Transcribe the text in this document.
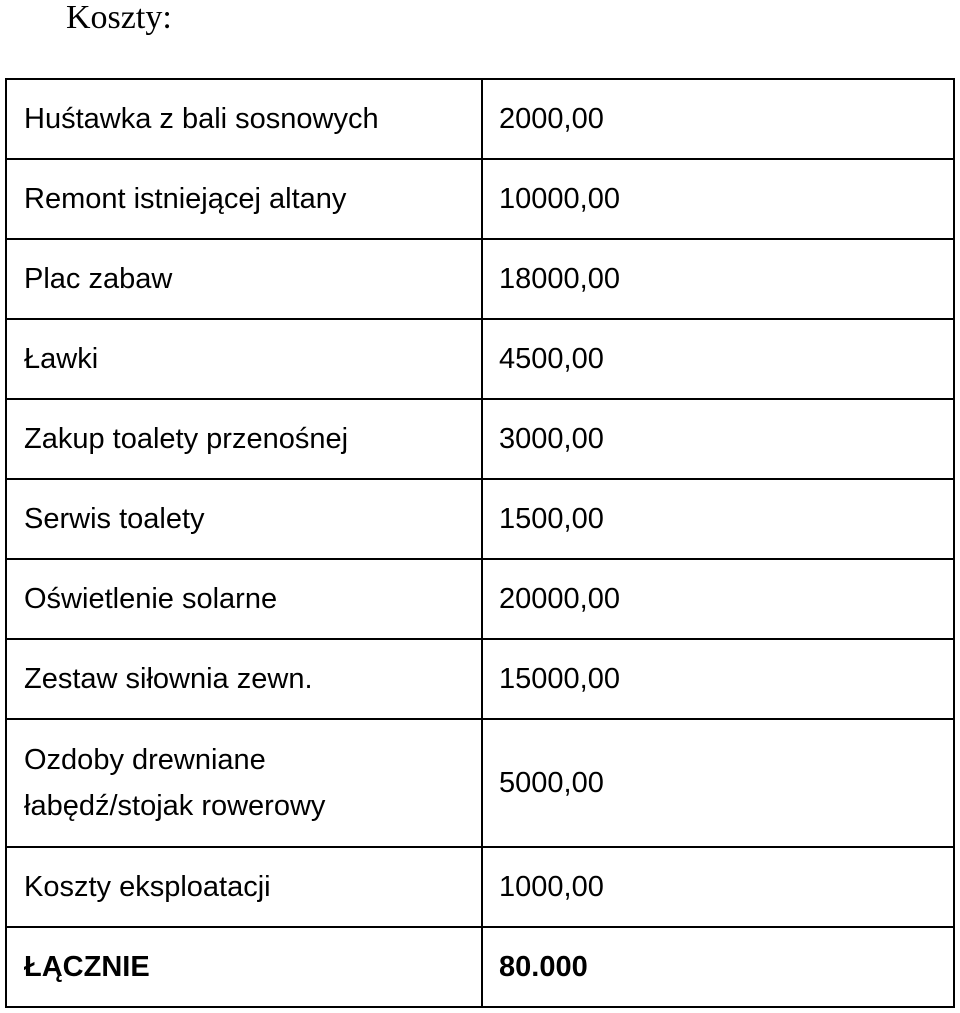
Koszty:
Huśtawka z bali sosnowych	2000,00
Remont istniejącej altany	10000,00
Plac zabaw	18000,00
Ławki	4500,00
Zakup toalety przenośnej	3000,00
Serwis toalety	1500,00
Oświetlenie solarne	20000,00
Zestaw siłownia zewn.	15000,00

Ozdoby drewniane
łabędź/stojak rowerowy	5000,00
Koszty eksploatacji	1000,00
ŁĄCZNIE	80.000
